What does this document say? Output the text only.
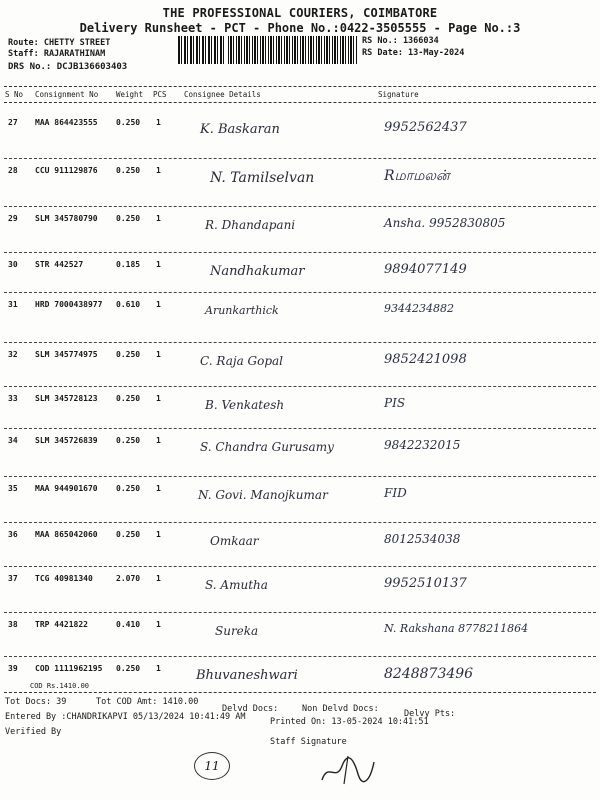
THE PROFESSIONAL COURIERS, COIMBATORE
Delivery Runsheet - PCT - Phone No.:0422-3505555 - Page No.:3
Route: CHETTY STREET
Staff: RAJARATHINAM
DRS No.: DCJB136603403
RS No.: 1366034
RS Date: 13-May-2024
S No Consignment No Weight PCS Consignee Details	Signature
27 MAA 864423555 0.250 1	K. Baskaran	9952562437
28 CCU 911129876 0.250 1	N. Tamilselvan	Rமாமலன்
29 SLM 345780790 0.250 1	R. Dhandapani	Ansha. 9952830805
30 STR 442527	0.185 1	Nandhakumar	9894077149
31 HRD 7000438977 0.610 1	Arunkarthick	9344234882
32 SLM 345774975 0.250 1	C. Raja Gopal	9852421098
33 SLM 345728123 0.250 1	B. Venkatesh	PIS
34 SLM 345726839 0.250 1	S. Chandra Gurusamy	9842232015
35 MAA 944901670 0.250 1	N. Govi. Manojkumar	FID
36 MAA 865042060 0.250 1	Omkaar	8012534038
37 TCG 40981340	2.070 1	S. Amutha	9952510137
38 TRP 4421822	0.410 1	Sureka	N. Rakshana 8778211864
39 COD 1111962195 0.250 1	Bhuvaneshwari	8248873496
COD Rs.1410.00
Tot Docs: 39	Tot COD Amt: 1410.00
Delvd Docs:	Non Delvd Docs:	Delvy Pts:
Entered By :CHANDRIKAPVI 05/13/2024 10:41:49 AM	Printed On: 13-05-2024 10:41:51
Verified By
Staff Signature
11
